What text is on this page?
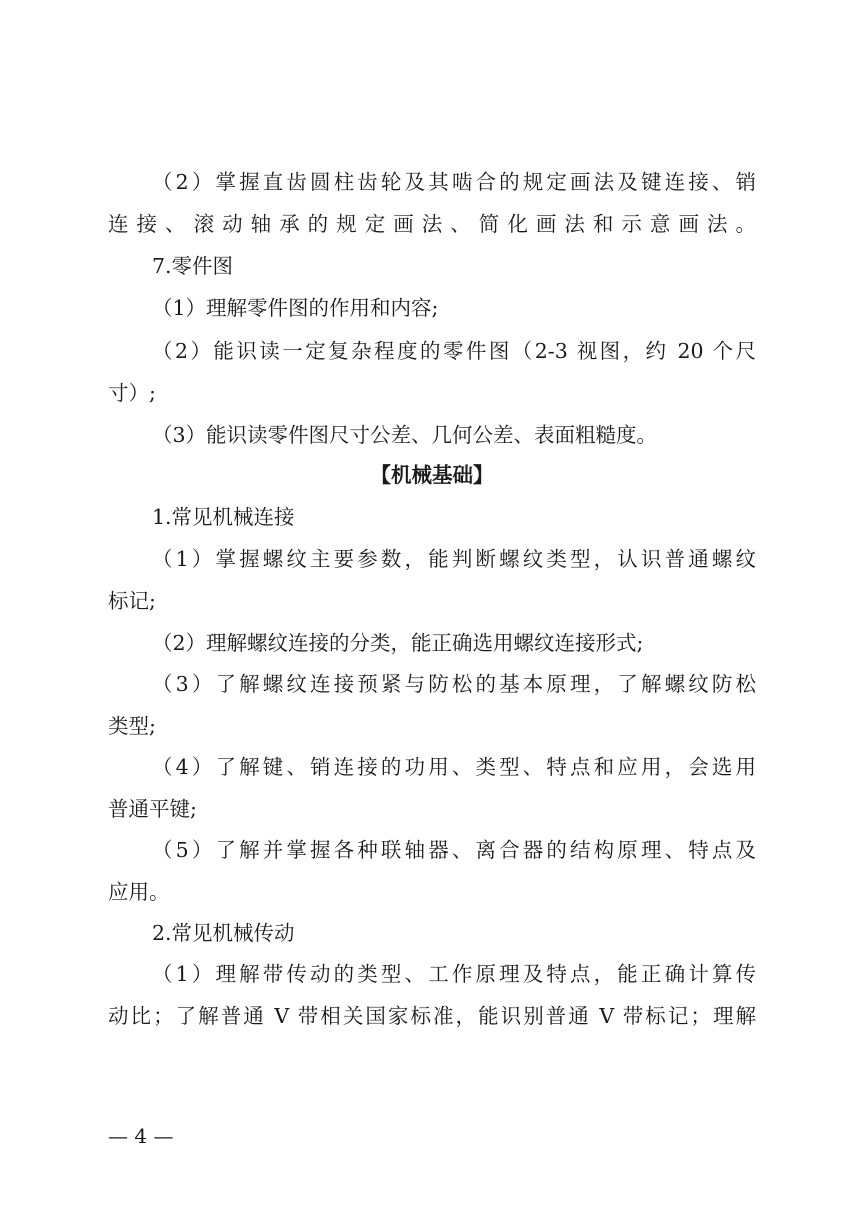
（2）掌握直齿圆柱齿轮及其啮合的规定画法及键连接、销
连接、滚动轴承的规定画法、简化画法和示意画法。
7.零件图
（1）理解零件图的作用和内容;
（2）能识读一定复杂程度的零件图（2-3 视图，约 20 个尺
寸）;
（3）能识读零件图尺寸公差、几何公差、表面粗糙度。
【机械基础】
1.常见机械连接
（1）掌握螺纹主要参数，能判断螺纹类型，认识普通螺纹
标记;
（2）理解螺纹连接的分类，能正确选用螺纹连接形式;
（3）了解螺纹连接预紧与防松的基本原理，了解螺纹防松
类型;
（4）了解键、销连接的功用、类型、特点和应用，会选用
普通平键;
（5）了解并掌握各种联轴器、离合器的结构原理、特点及
应用。
2.常见机械传动
（1）理解带传动的类型、工作原理及特点，能正确计算传
动比；了解普通 V 带相关国家标准，能识别普通 V 带标记；理解
— 4 —
